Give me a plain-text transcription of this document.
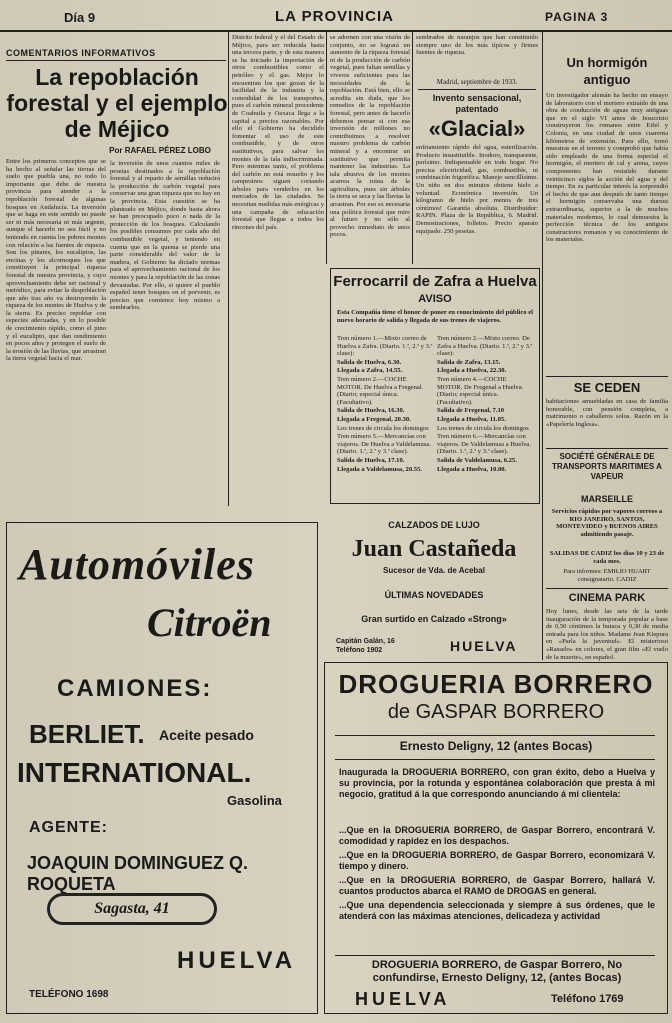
Día 9	LA PROVINCIA	PAGINA 3
COMENTARIOS INFORMATIVOS
La repoblación forestal y el ejemplo de Méjico
Por RAFAEL PÉREZ LOBO
Entre los primeros conceptos que se ha hecho al señalar las tierras del suelo que puebla una, no todo lo importante que debe de nuestra provincia para atender a la repoblación forestal de algunas bosques en Andalucía. La inversión que se haga en este sentido no puede ser ni más necesaria ni más urgente, aunque el hacerlo no sea fácil y no teniendo en cuenta los pobres montes con relación a las fuentes de riqueza. Son los pinares, los eucaliptos, las encinas y los alcornoques los que constituyen la principal riqueza forestal de nuestra provincia, y cuyo aprovechamiento debe ser racional y metódico, para evitar la despoblación que año tras año va destruyendo la riqueza de los montes de Huelva y de la sierra. Es preciso repoblar con especies adecuadas, y en lo posible de crecimiento rápido, como el pino y el eucalipto, que dan rendimiento en pocos años y protegen el suelo de la erosión de las lluvias, que arrastran la tierra vegetal hacia el mar.
la inversión de unos cuantos miles de pesetas destinados a la repoblación forestal y al reparto de semillas reducirá la producción de carbón vegetal para conservar una gran riqueza que no hay en la provincia. Esta cuestión se ha planteado en Méjico, donde hasta ahora se han preocupado poco o nada de la protección de los bosques. Calculando los posibles consumos por cada año del combustible vegetal, y teniendo en cuenta que en la quema se pierde una parte considerable del valor de la madera, el Gobierno ha dictado normas para el aprovechamiento racional de los montes y para la repoblación de las zonas devastadas. Por ello, si quiere el pueblo español tener bosques en el porvenir, es preciso que comience hoy mismo a sembrarlos.
Distrito federal y el del Estado de Méjico, para ser reducida hasta una tercera parte, y de esta manera se ha iniciado la importación de otros combustibles como el petróleo y el gas. Mejor lo encuentran los que gozan de la facilidad de la industria y la comodidad de los transportes, pues el carbón mineral procedente de Coahuila y Oaxaca llega a la capital a precios razonables. Por ello el Gobierno ha decidido fomentar el uso de este combustible, y de otros sustitutivos, para salvar los montes de la tala indiscriminada. Pero mientras tanto, el problema del carbón no está resuelto y los campesinos siguen cortando árboles para venderlos en los mercados de las ciudades. Se necesitan medidas más enérgicas y una campaña de educación forestal que llegue a todos los rincones del país.
se adornen con una visión de conjunto, no se logrará un aumento de la riqueza forestal ni de la producción de carbón vegetal, pues faltan semillas y viveros suficientes para las necesidades de la repoblación. Está bien, ello se acredita sin duda, que los remedios de la repoblación forestal, pero antes de hacerlo debemos pensar si con esa inversión de millones no contribuimos a resolver nuestro problema de carbón mineral y a encontrar un sustitutivo que permita mantener las industrias. La tala abusiva de los montes acarrea la ruina de la agricultura, pues sin árboles la tierra se seca y las lluvias la arrastran. Por eso es necesaria una política forestal que mire al futuro y no sólo al provecho inmediato de unos pocos.
sembrados de naranjos que han constituido siempre uno de los más típicos y firmes fuentes de riqueza.
Madrid, septiembre de 1933.
Invento sensacional, patentado
«Glacial»
enfriamiento rápido del agua, esterilización. Producto insustituible. Inodoro, transparente, purísimo. Indispensable en todo hogar. No precisa electricidad, gas, combustible, ni combinación frigorífica. Manejo sencillísimo. Un niño en dos minutos obtiene hielo a voluntad. Económica inversión. Un kilogramo de hielo por menos de tres céntimos! Garantía absoluta. Distribuidor: RAPIN. Plaza de la República, 6. Madrid. Demostraciones, folletos. Precio aparato equipado: 250 pesetas.
Un hormigón antiguo
Un investigador alemán ha hecho un ensayo de laboratorio con el mortero extraído de una obra de conducción de aguas muy antiguas que en el siglo VI antes de Jesucristo construyeron los romanos entre Eifel y Colonia, en una ciudad de unos cuarenta kilómetros de extensión. Para ello, tomó muestras en el terreno y comprobó que había sido empleado de una forma especial el hormigón, el mortero de cal y arena, cuyos componentes han resistido durante veinticinco siglos la acción del agua y del tiempo. En su particular interés la sorprendió el hecho de que aun después de tanto tiempo el hormigón conservaba una dureza extraordinaria, superior a la de muchos materiales modernos, lo cual demuestra la perfección técnica de los antiguos constructores romanos y su conocimiento de los materiales.
SE CEDEN
habitaciones amuebladas en casa de familia honorable, con pensión completa, a matrimonio o caballeros solos. Razón en la «Papelería Inglesa».
SOCIÉTÉ GÉNÉRALE DE TRANSPORTS MARITIMES A VAPEUR
MARSEILLE
Servicios rápidos por vapores correos a RIO JANEIRO, SANTOS, MONTEVIDEO y BUENOS AIRES admitiendo pasaje.
SALIDAS DE CADIZ los días 10 y 23 de cada mes.
Para informes: EMILIO HUART consignatario. CADIZ
CINEMA PARK
Hoy lunes, desde las seis de la tarde inauguración de la temporada popular a base de 0,50 céntimos la butaca y 0,30 de media entrada para los niños. Madame Jean Kiepura en «Parla la juventud». El misterioso «Rasselo» en colores, el gran film «El vuelo de la muerte», en español.
Ferrocarril de Zafra a Huelva
AVISO
Esta Compañía tiene el honor de poner en conocimiento del público el nuevo horario de salida y llegada de sus trenes de viajeros.
Tren número 1.—Mixto correo de Huelva a Zafra. (Diario. 1.ª, 2.ª y 3.ª clase):
Salida de Huelva, 6.30.
Llegada a Zafra, 14.55.
Tren número 2.—COCHE MOTOR. De Huelva a Fregenal. (Diario; especial única. (Facultativo).
Salida de Huelva, 16.30.
Llegada a Fregenal, 20.30.
Los trenes de circula los domingos
Tren número 5.—Mercancías con viajeros. De Huelva a Valdelamusa. (Diario. 1.ª, 2.ª y 3.ª clase).
Salida de Huelva, 17.10.
Llegada a Valdelamusa, 20.55.
Tren número 2.—Mixto correo. De Zafra a Huelva. (Diario. 1.ª, 2.ª y 3.ª clase):
Salida de Zafra, 13.15.
Llegada a Huelva, 22.30.
Tren número 4.—COCHE MOTOR. De Fregenal a Huelva. (Diario; especial única. (Facultativo).
Salida de Fregenal, 7.10
Llegada a Huelva, 11.05.
Los trenes de circula los domingos
Tren número 6.—Mercancías con viajeros. De Valdelamusa a Huelva. (Diario. 1.ª, 2.ª y 3.ª clase).
Salida de Valdelamusa, 6.25.
Llegada a Huelva, 10.00.
CALZADOS DE LUJO
Juan Castañeda
Sucesor de Vda. de Acebal
ÚLTIMAS NOVEDADES
Gran surtido en Calzado «Strong»
Capitán Galán, 16
Teléfono 1902	HUELVA
Automóviles
Citroën
CAMIONES:
BERLIET.	Aceite pesado
INTERNATIONAL.
Gasolina
AGENTE:
JOAQUIN DOMINGUEZ Q. ROQUETA
Sagasta, 41
HUELVA
TELÉFONO 1698
DROGUERIA BORRERO
de GASPAR BORRERO
Ernesto Deligny, 12 (antes Bocas)
Inaugurada la DROGUERIA BORRERO, con gran éxito, debo a Huelva y su provincia, por la rotunda y espontánea colaboración que presta á mi negocio, gratitud á la que correspondo anunciando á mi clientela:
...Que en la DROGUERIA BORRERO, de Gaspar Borrero, encontrará V. comodidad y rapidez en los despachos.
...Que en la DROGUERIA BORRERO, de Gaspar Borrero, economizará V. tiempo y dinero.
...Que en la DROGUERIA BORRERO, de Gaspar Borrero, hallará V. cuantos productos abarca el RAMO de DROGAS en general.
...Que una dependencia seleccionada y siempre á sus órdenes, que le atenderá con las máximas atenciones, delicadeza y actividad
DROGUERIA BORRERO, de Gaspar Borrero, No confundirse, Ernesto Deligny, 12, (antes Bocas)
HUELVA	Teléfono 1769
